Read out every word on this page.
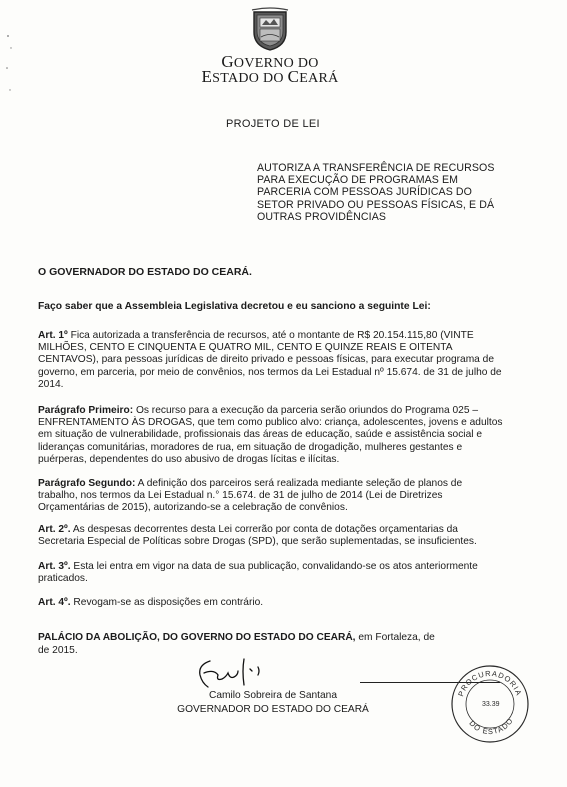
GOVERNO DO
ESTADO DO CEARÁ
PROJETO DE LEI
AUTORIZA A TRANSFERÊNCIA DE RECURSOS
PARA EXECUÇÃO DE PROGRAMAS EM
PARCERIA COM PESSOAS JURÍDICAS DO
SETOR PRIVADO OU PESSOAS FÍSICAS, E DÁ
OUTRAS PROVIDÊNCIAS

O GOVERNADOR DO ESTADO DO CEARÁ.

Faço saber que a Assembleia Legislativa decretou e eu sanciono a seguinte Lei:

Art. 1º Fica autorizada a transferência de recursos, até o montante de R$ 20.154.115,80 (VINTE MILHÕES, CENTO E CINQUENTA E QUATRO MIL, CENTO E QUINZE REAIS E OITENTA CENTAVOS), para pessoas jurídicas de direito privado e pessoas físicas, para executar programa de governo, em parceria, por meio de convênios, nos termos da Lei Estadual nº 15.674. de 31 de julho de 2014.

Parágrafo Primeiro: Os recurso para a execução da parceria serão oriundos do Programa 025 – ENFRENTAMENTO ÀS DROGAS, que tem como publico alvo: criança, adolescentes, jovens e adultos em situação de vulnerabilidade, profissionais das áreas de educação, saúde e assistência social e lideranças comunitárias, moradores de rua, em situação de drogadição, mulheres gestantes e puérperas, dependentes do uso abusivo de drogas lícitas e ilícitas.

Parágrafo Segundo: A definição dos parceiros será realizada mediante seleção de planos de trabalho, nos termos da Lei Estadual n.° 15.674. de 31 de julho de 2014 (Lei de Diretrizes Orçamentárias de 2015), autorizando-se a celebração de convênios.

Art. 2º. As despesas decorrentes desta Lei correrão por conta de dotações orçamentarias da Secretaria Especial de Políticas sobre Drogas (SPD), que serão suplementadas, se insuficientes.

Art. 3º. Esta lei entra em vigor na data de sua publicação, convalidando-se os atos anteriormente praticados.

Art. 4º. Revogam-se as disposições em contrário.

PALÁCIO DA ABOLIÇÃO, DO GOVERNO DO ESTADO DO CEARÁ, em Fortaleza, de

de 2015.

Camilo Sobreira de Santana
GOVERNADOR DO ESTADO DO CEARÁ
PROCURADORIA
DO ESTADO
33.39
